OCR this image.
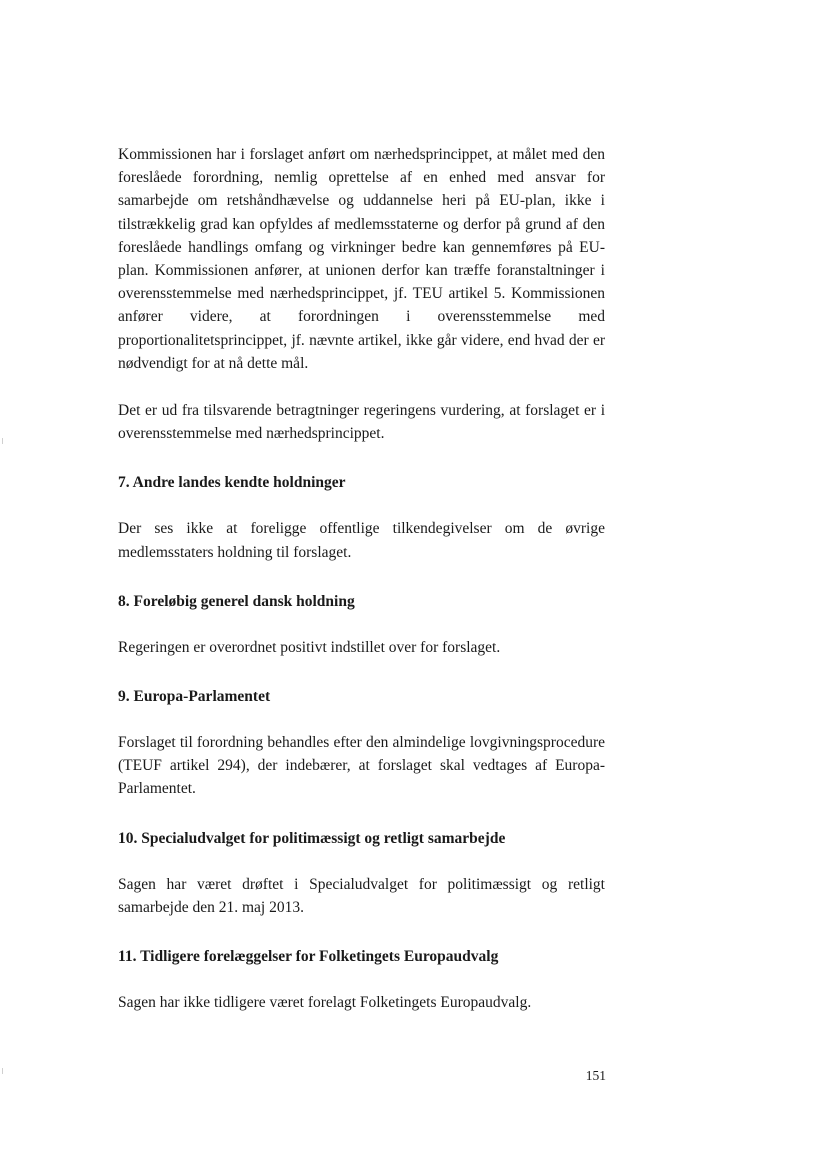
Kommissionen har i forslaget anført om nærhedsprincippet, at målet med den foreslåede forordning, nemlig oprettelse af en enhed med ansvar for samarbejde om retshåndhævelse og uddannelse heri på EU-plan, ikke i tilstrækkelig grad kan opfyldes af medlemsstaterne og derfor på grund af den foreslåede handlings omfang og virkninger bedre kan gennemføres på EU-plan. Kommissionen anfører, at unionen derfor kan træffe foranstaltninger i overensstemmelse med nærhedsprincippet, jf. TEU artikel 5. Kommissionen anfører videre, at forordningen i overensstemmelse med proportionalitetsprincippet, jf. nævnte artikel, ikke går videre, end hvad der er nødvendigt for at nå dette mål.

Det er ud fra tilsvarende betragtninger regeringens vurdering, at forslaget er i overensstemmelse med nærhedsprincippet.

7. Andre landes kendte holdninger

Der ses ikke at foreligge offentlige tilkendegivelser om de øvrige medlemsstaters holdning til forslaget.

8. Foreløbig generel dansk holdning

Regeringen er overordnet positivt indstillet over for forslaget.

9. Europa-Parlamentet

Forslaget til forordning behandles efter den almindelige lovgivningsprocedure (TEUF artikel 294), der indebærer, at forslaget skal vedtages af Europa-Parlamentet.

10. Specialudvalget for politimæssigt og retligt samarbejde

Sagen har været drøftet i Specialudvalget for politimæssigt og retligt samarbejde den 21. maj 2013.

11. Tidligere forelæggelser for Folketingets Europaudvalg

Sagen har ikke tidligere været forelagt Folketingets Europaudvalg.

151
